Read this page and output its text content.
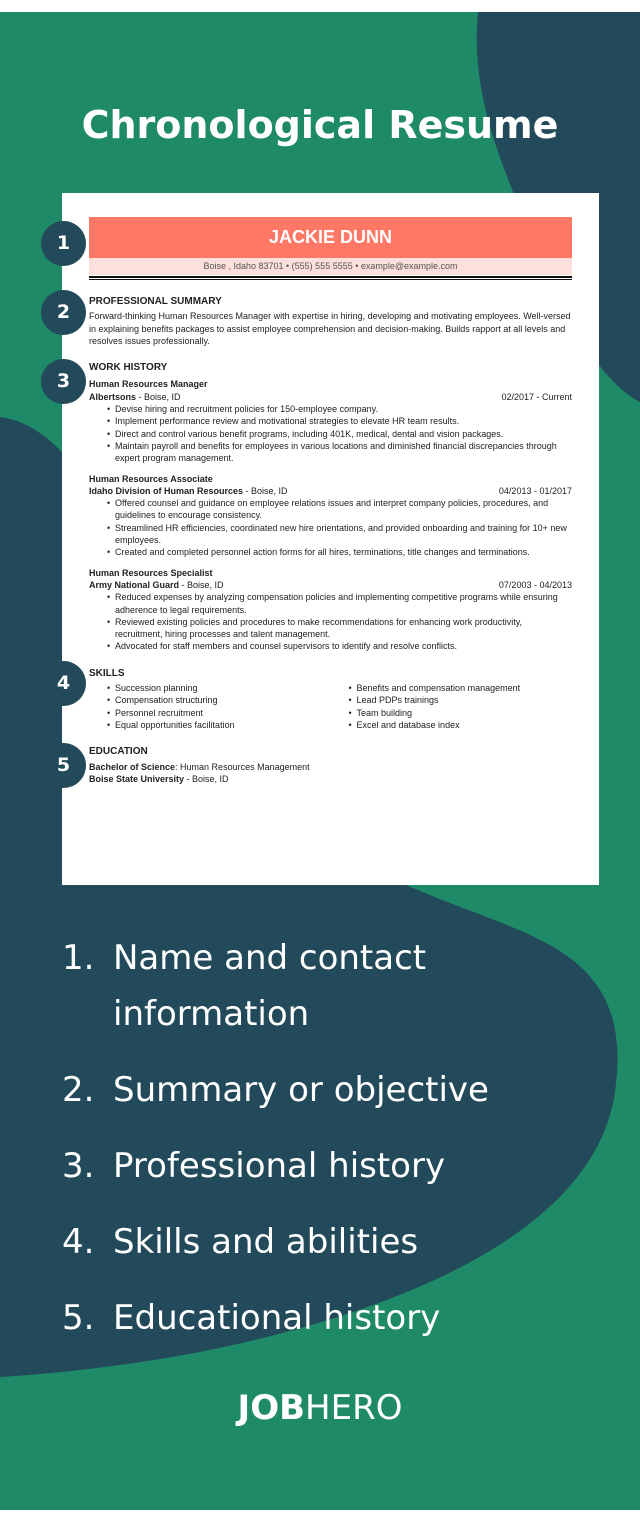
Chronological Resume
JACKIE DUNN
Boise , Idaho 83701 • (555) 555 5555 • example@example.com
PROFESSIONAL SUMMARY
Forward-thinking Human Resources Manager with expertise in hiring, developing and motivating employees. Well-versed in explaining benefits packages to assist employee comprehension and decision-making. Builds rapport at all levels and resolves issues professionally.
WORK HISTORY
Human Resources Manager
Albertsons - Boise, ID	02/2017 - Current
• Devise hiring and recruitment policies for 150-employee company.
• Implement performance review and motivational strategies to elevate HR team results.
• Direct and control various benefit programs, including 401K, medical, dental and vision packages.
• Maintain payroll and benefits for employees in various locations and diminished financial discrepancies through expert program management.
Human Resources Associate
Idaho Division of Human Resources - Boise, ID	04/2013 - 01/2017
• Offered counsel and guidance on employee relations issues and interpret company policies, procedures, and guidelines to encourage consistency.
• Streamlined HR efficiencies, coordinated new hire orientations, and provided onboarding and training for 10+ new employees.
• Created and completed personnel action forms for all hires, terminations, title changes and terminations.
Human Resources Specialist
Army National Guard - Boise, ID	07/2003 - 04/2013
• Reduced expenses by analyzing compensation policies and implementing competitive programs while ensuring adherence to legal requirements.
• Reviewed existing policies and procedures to make recommendations for enhancing work productivity, recruitment, hiring processes and talent management.
• Advocated for staff members and counsel supervisors to identify and resolve conflicts.
SKILLS
• Succession planning
• Compensation structuring
• Personnel recruitment
• Equal opportunities facilitation
• Benefits and compensation management
• Lead PDPs trainings
• Team building
• Excel and database index
EDUCATION
Bachelor of Science: Human Resources Management
Boise State University - Boise, ID
1
2
3
4
5
1. Name and contact information
2. Summary or objective
3. Professional history
4. Skills and abilities
5. Educational history
JOBHERO
